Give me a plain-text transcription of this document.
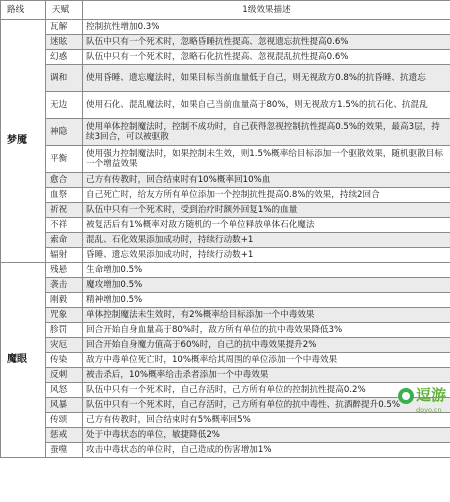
路线	天赋	1级效果描述
梦魇	瓦解	控制抗性增加0.3%
	迷眩	队伍中只有一个死术时，忽略昏睡抗性提高、忽视遗忘抗性提高0.6%
	幻惑	队伍中只有一个死术时，忽略石化抗性提高、忽视混乱抗性提高0.6%
	调和	使用昏睡、遗忘魔法时，如果目标当前血量低于自己，则无视敌方0.8%的抗昏睡、抗遗忘
	无边	使用石化、混乱魔法时，如果自己当前血量高于80%，则无视敌方1.5%的抗石化、抗混乱
	神隐	使用单体控制魔法时，控制不成功时，自己获得忽视控制抗性提高0.5%的效果，最高3层，持续3回合，可以被驱散
	平衡	使用强力控制魔法时，如果控制未生效，则1.5%概率给目标添加一个驱散效果，随机驱散目标一个增益效果
	愈合	己方有传教时，回合结束时有10%概率回10%血
	血祭	自己死亡时，给友方所有单位添加一个控制抗性提高0.8%的效果，持续2回合
	祈祝	队伍中只有一个死术时，受到治疗时额外回复1%的血量
	不祥	被复活后有1%概率对敌方随机的一个单位释放单体石化魔法
	索命	混乱、石化效果添加成功时，持续行动数+1
	辐射	昏睡、遗忘效果添加成功时，持续行动数+1
魔眼	残悬	生命增加0.5%
	袭击	魔攻增加0.5%
	刚毅	精神增加0.5%
	咒象	单体控制魔法未生效时，有2%概率给目标添加一个中毒效果
	胗罚	回合开始自身血量高于80%时，敌方所有单位的抗中毒效果降低3%
	灾厄	回合开始自身魔力值高于60%时，自己的抗中毒效果提升2%
	传染	敌方中毒单位死亡时，10%概率给其周围的单位添加一个中毒效果
	反刺	被击杀后，10%概率给击杀者添加一个中毒效果
	风怒	队伍中只有一个死术时，自己存活时，己方所有单位的控制抗性提高0.2%
	风暴	队伍中只有一个死术时，自己存活时，己方所有单位的抗中毒性、抗酒醉提升0.5%
	传颂	己方有传教时，回合结束时有5%概率回5%
	惩戒	处于中毒状态的单位，敏捷降低2%
	蚕噬	攻击中毒状态的单位时，自己造成的伤害增加1%
逗游
doyo.cn
